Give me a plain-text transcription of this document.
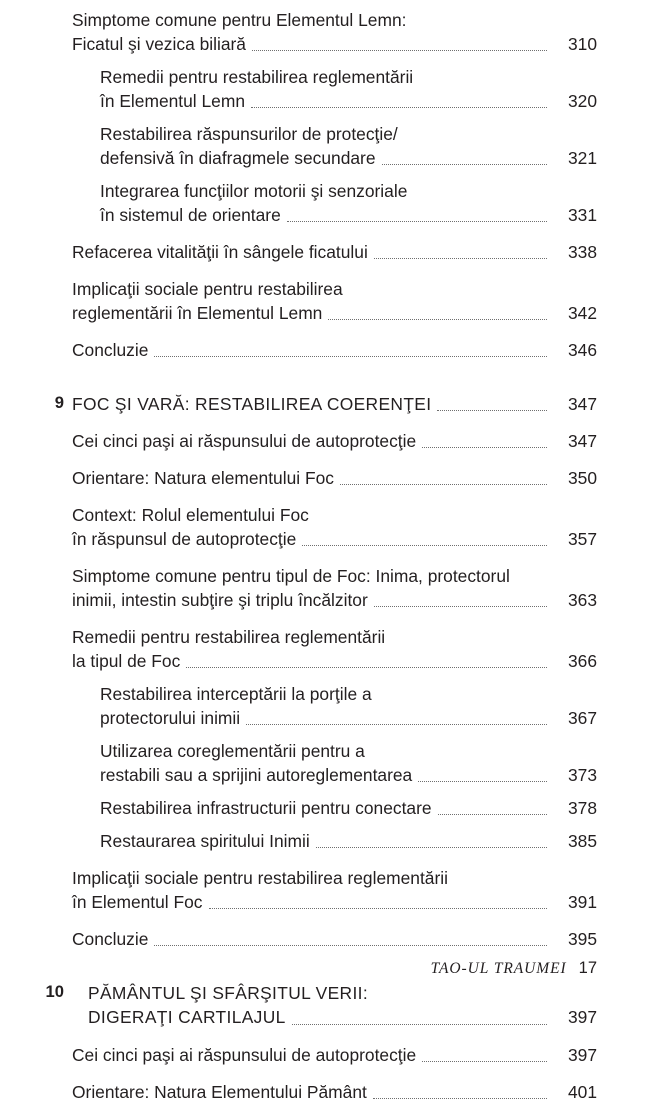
Simptome comune pentru Elementul Lemn:
Ficatul şi vezica biliară	310
Remedii pentru restabilirea reglementării
în Elementul Lemn	320
Restabilirea răspunsurilor de protecţie/
defensivă în diafragmele secundare	321
Integrarea funcţiilor motorii şi senzoriale
în sistemul de orientare	331
Refacerea vitalităţii în sângele ficatului	338
Implicaţii sociale pentru restabilirea
reglementării în Elementul Lemn	342
Concluzie	346
9 FOC ŞI VARĂ: RESTABILIREA COERENŢEI	347
Cei cinci paşi ai răspunsului de autoprotecţie	347
Orientare: Natura elementului Foc	350
Context: Rolul elementului Foc
în răspunsul de autoprotecţie	357
Simptome comune pentru tipul de Foc: Inima, protectorul
inimii, intestin subţire şi triplu încălzitor	363
Remedii pentru restabilirea reglementării
la tipul de Foc	366
Restabilirea interceptării la porţile a
protectorului inimii	367
Utilizarea coreglementării pentru a
restabili sau a sprijini autoreglementarea	373
Restabilirea infrastructurii pentru conectare	378
Restaurarea spiritului Inimii	385
Implicaţii sociale pentru restabilirea reglementării
în Elementul Foc	391
Concluzie	395
10	PĂMÂNTUL ŞI SFÂRŞITUL VERII:
DIGERAŢI CARTILAJUL	397
Cei cinci paşi ai răspunsului de autoprotecţie	397
Orientare: Natura Elementului Pământ	401
TAO-UL TRAUMEI 17
